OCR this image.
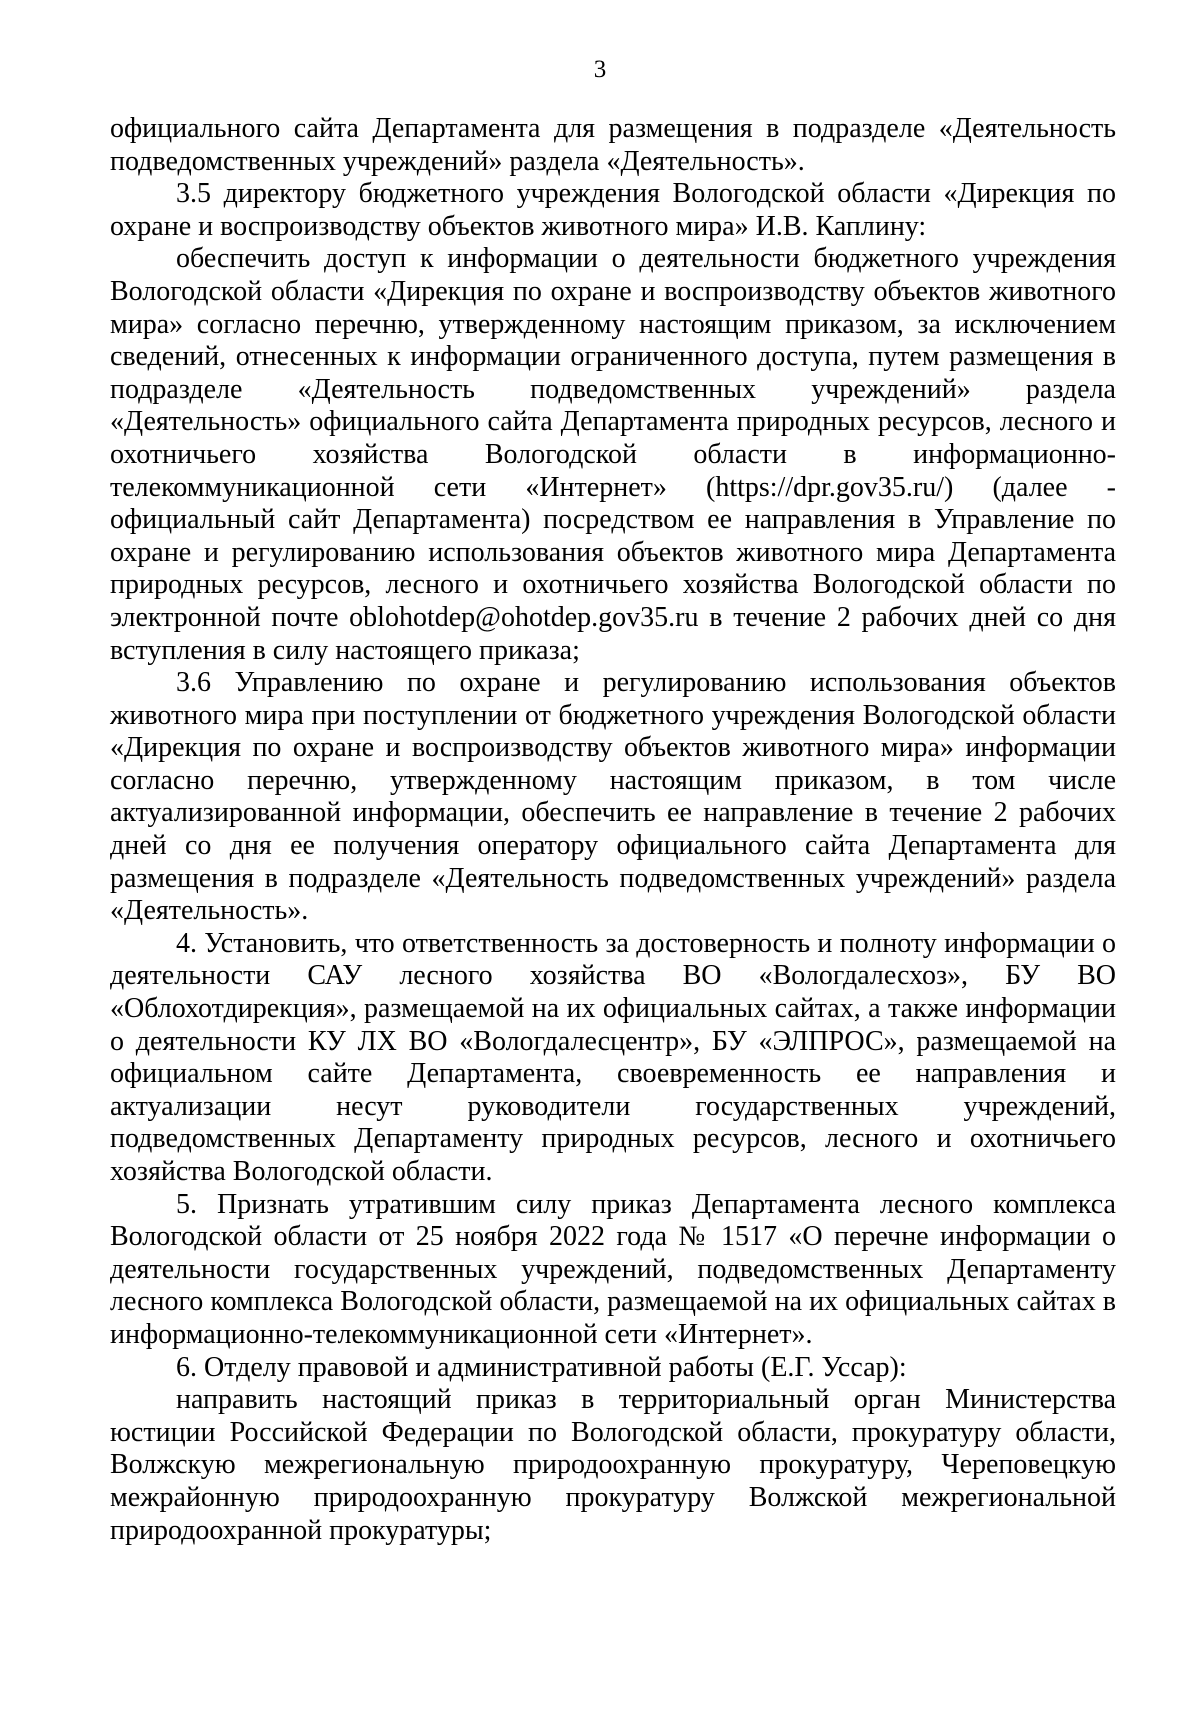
3

официального сайта Департамента для размещения в подразделе «Деятельность подведомственных учреждений» раздела «Деятельность».

3.5 директору бюджетного учреждения Вологодской области «Дирекция по охране и воспроизводству объектов животного мира» И.В. Каплину:

обеспечить доступ к информации о деятельности бюджетного учреждения Вологодской области «Дирекция по охране и воспроизводству объектов животного мира» согласно перечню, утвержденному настоящим приказом, за исключением сведений, отнесенных к информации ограниченного доступа, путем размещения в подразделе «Деятельность подведомственных учреждений» раздела «Деятельность» официального сайта Департамента природных ресурсов, лесного и охотничьего хозяйства Вологодской области в информационно-телекоммуникационной сети «Интернет» (https://dpr.gov35.ru/) (далее - официальный сайт Департамента) посредством ее направления в Управление по охране и регулированию использования объектов животного мира Департамента природных ресурсов, лесного и охотничьего хозяйства Вологодской области по электронной почте oblohotdep@ohotdep.gov35.ru в течение 2 рабочих дней со дня вступления в силу настоящего приказа;

3.6 Управлению по охране и регулированию использования объектов животного мира при поступлении от бюджетного учреждения Вологодской области «Дирекция по охране и воспроизводству объектов животного мира» информации согласно перечню, утвержденному настоящим приказом, в том числе актуализированной информации, обеспечить ее направление в течение 2 рабочих дней со дня ее получения оператору официального сайта Департамента для размещения в подразделе «Деятельность подведомственных учреждений» раздела «Деятельность».

4. Установить, что ответственность за достоверность и полноту информации о деятельности САУ лесного хозяйства ВО «Вологдалесхоз», БУ ВО «Облохотдирекция», размещаемой на их официальных сайтах, а также информации о деятельности КУ ЛХ ВО «Вологдалесцентр», БУ «ЭЛПРОС», размещаемой на официальном сайте Департамента, своевременность ее направления и актуализации несут руководители государственных учреждений, подведомственных Департаменту природных ресурсов, лесного и охотничьего хозяйства Вологодской области.

5. Признать утратившим силу приказ Департамента лесного комплекса Вологодской области от 25 ноября 2022 года № 1517 «О перечне информации о деятельности государственных учреждений, подведомственных Департаменту лесного комплекса Вологодской области, размещаемой на их официальных сайтах в информационно-телекоммуникационной сети «Интернет».

6. Отделу правовой и административной работы (Е.Г. Уссар):

направить настоящий приказ в территориальный орган Министерства юстиции Российской Федерации по Вологодской области, прокуратуру области, Волжскую межрегиональную природоохранную прокуратуру, Череповецкую межрайонную природоохранную прокуратуру Волжской межрегиональной природоохранной прокуратуры;
